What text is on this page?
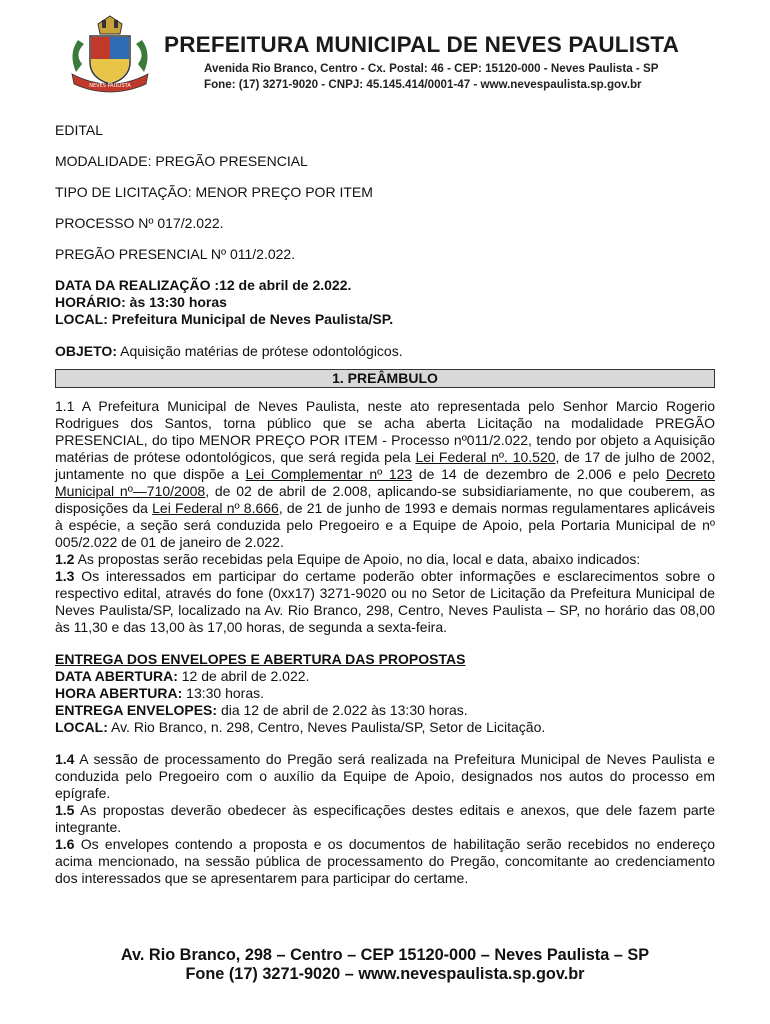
NEVES PAULISTA
PREFEITURA MUNICIPAL DE NEVES PAULISTA
Avenida Rio Branco, Centro - Cx. Postal: 46 - CEP: 15120-000 - Neves Paulista - SP
Fone: (17) 3271-9020 - CNPJ: 45.145.414/0001-47 - www.nevespaulista.sp.gov.br

EDITAL

MODALIDADE: PREGÃO PRESENCIAL

TIPO DE LICITAÇÃO: MENOR PREÇO POR ITEM

PROCESSO Nº 017/2.022.

PREGÃO PRESENCIAL Nº 011/2.022.

DATA DA REALIZAÇÃO :12 de abril de 2.022.

HORÁRIO: às 13:30 horas

LOCAL: Prefeitura Municipal de Neves Paulista/SP.

OBJETO: Aquisição matérias de prótese odontológicos.

1. PREÂMBULO

1.1 A Prefeitura Municipal de Neves Paulista, neste ato representada pelo Senhor Marcio Rogerio Rodrigues dos Santos, torna público que se acha aberta Licitação na modalidade PREGÃO PRESENCIAL, do tipo MENOR PREÇO POR ITEM - Processo nº011/2.022, tendo por objeto a Aquisição matérias de prótese odontológicos, que será regida pela Lei Federal nº. 10.520, de 17 de julho de 2002, juntamente no que dispõe a Lei Complementar nº 123 de 14 de dezembro de 2.006 e pelo Decreto Municipal nº—710/2008, de 02 de abril de 2.008, aplicando-se subsidiariamente, no que couberem, as disposições da Lei Federal nº 8.666, de 21 de junho de 1993 e demais normas regulamentares aplicáveis à espécie, a seção será conduzida pelo Pregoeiro e a Equipe de Apoio, pela Portaria Municipal de nº 005/2.022 de 01 de janeiro de 2.022.

1.2 As propostas serão recebidas pela Equipe de Apoio, no dia, local e data, abaixo indicados:

1.3 Os interessados em participar do certame poderão obter informações e esclarecimentos sobre o respectivo edital, através do fone (0xx17) 3271-9020 ou no Setor de Licitação da Prefeitura Municipal de Neves Paulista/SP, localizado na Av. Rio Branco, 298, Centro, Neves Paulista – SP, no horário das 08,00 às 11,30 e das 13,00 às 17,00 horas, de segunda a sexta-feira.

ENTREGA DOS ENVELOPES E ABERTURA DAS PROPOSTAS

DATA ABERTURA: 12 de abril de 2.022.

HORA ABERTURA: 13:30 horas.

ENTREGA ENVELOPES: dia 12 de abril de 2.022 às 13:30 horas.

LOCAL: Av. Rio Branco, n. 298, Centro, Neves Paulista/SP, Setor de Licitação.

1.4 A sessão de processamento do Pregão será realizada na Prefeitura Municipal de Neves Paulista e conduzida pelo Pregoeiro com o auxílio da Equipe de Apoio, designados nos autos do processo em epígrafe.

1.5 As propostas deverão obedecer às especificações destes editais e anexos, que dele fazem parte integrante.

1.6 Os envelopes contendo a proposta e os documentos de habilitação serão recebidos no endereço acima mencionado, na sessão pública de processamento do Pregão, concomitante ao credenciamento dos interessados que se apresentarem para participar do certame.

Av. Rio Branco, 298 – Centro – CEP 15120-000 – Neves Paulista – SP
Fone (17) 3271-9020 – www.nevespaulista.sp.gov.br
